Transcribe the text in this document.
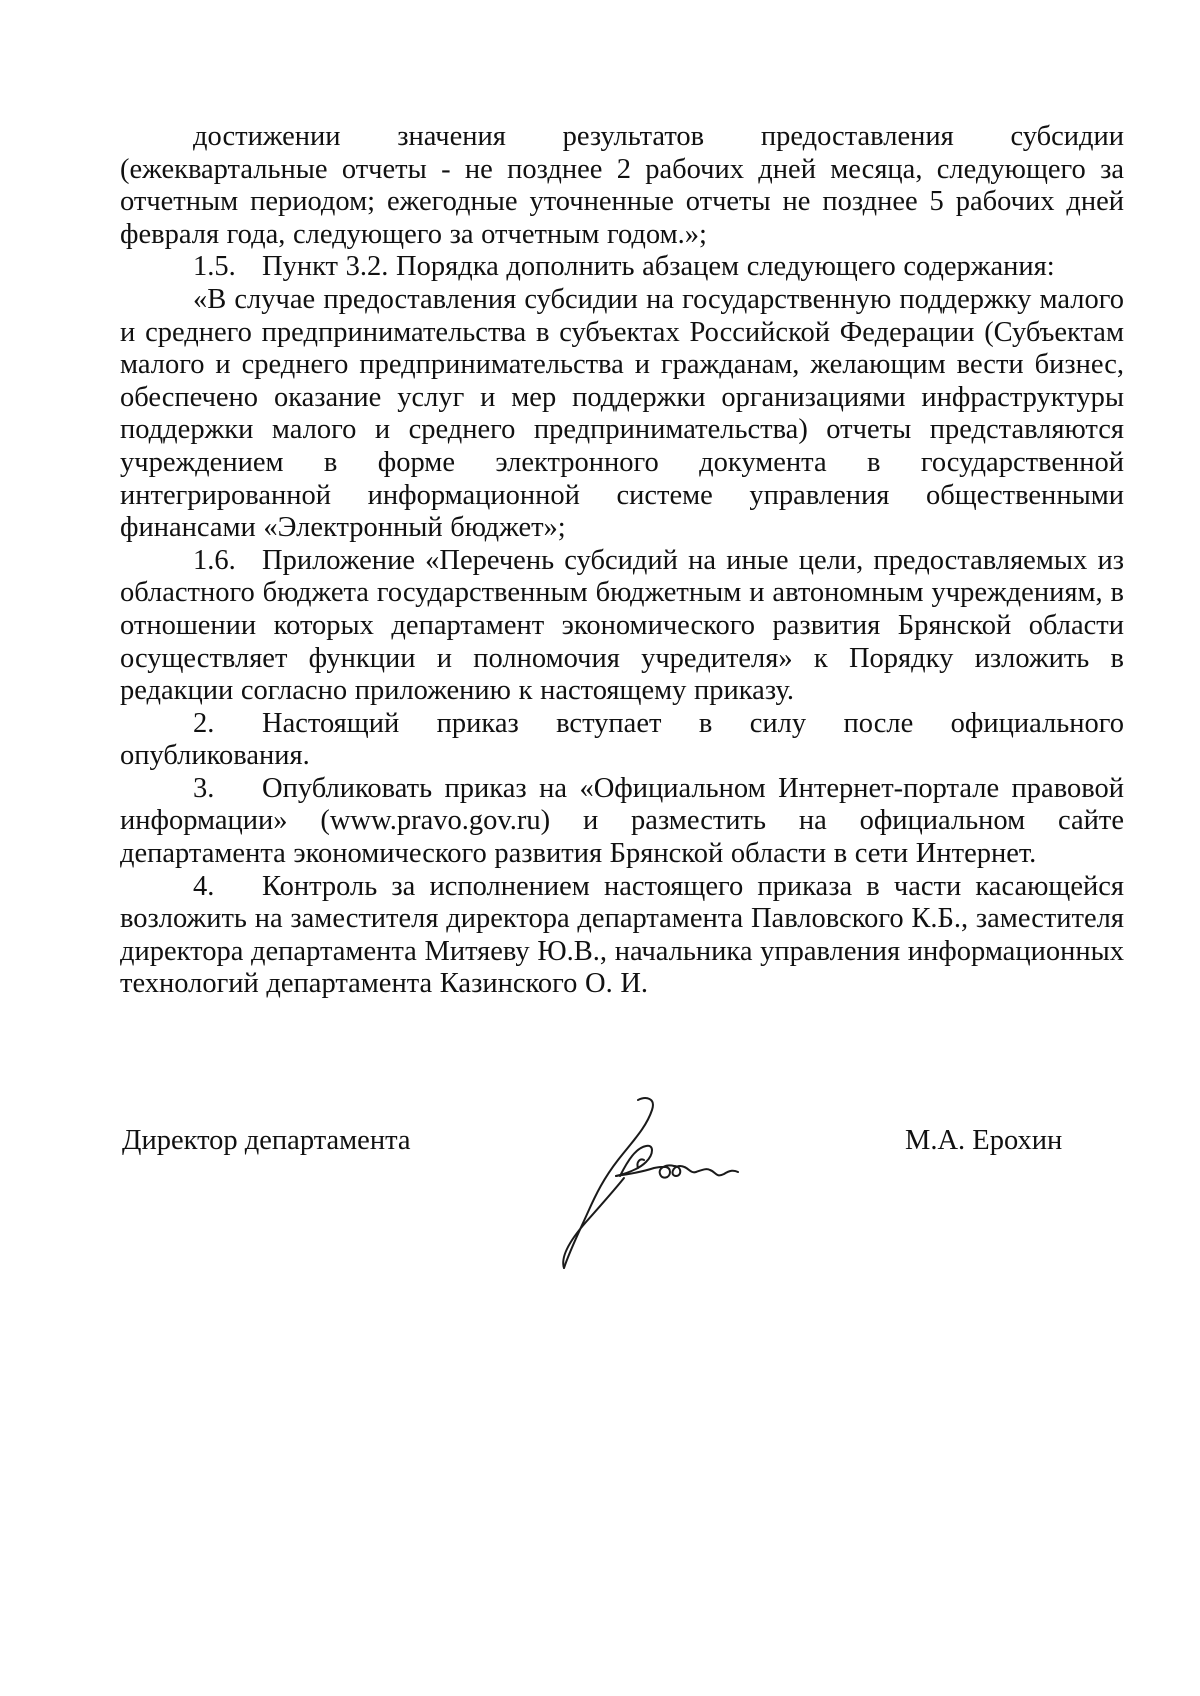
достижении значения результатов предоставления субсидии
(ежеквартальные отчеты - не позднее 2 рабочих дней месяца, следующего за отчетным периодом; ежегодные уточненные отчеты не позднее 5 рабочих дней февраля года, следующего за отчетным годом.»;

1.5. Пункт 3.2. Порядка дополнить абзацем следующего содержания:

«В случае предоставления субсидии на государственную поддержку малого и среднего предпринимательства в субъектах Российской Федерации (Субъектам малого и среднего предпринимательства и гражданам, желающим вести бизнес, обеспечено оказание услуг и мер поддержки организациями инфраструктуры поддержки малого и среднего предпринимательства) отчеты представляются учреждением в форме электронного документа в государственной интегрированной информационной системе управления общественными финансами «Электронный бюджет»;

1.6. Приложение «Перечень субсидий на иные цели, предоставляемых из областного бюджета государственным бюджетным и автономным учреждениям, в отношении которых департамент экономического развития Брянской области осуществляет функции и полномочия учредителя» к Порядку изложить в редакции согласно приложению к настоящему приказу.

2. Настоящий приказ вступает в силу после официального опубликования.

3. Опубликовать приказ на «Официальном Интернет-портале правовой информации» (www.pravo.gov.ru) и разместить на официальном сайте департамента экономического развития Брянской области в сети Интернет.

4. Контроль за исполнением настоящего приказа в части касающейся возложить на заместителя директора департамента Павловского К.Б., заместителя директора департамента Митяеву Ю.В., начальника управления информационных технологий департамента Казинского О. И.

Директор департамента	М.А. Ерохин
